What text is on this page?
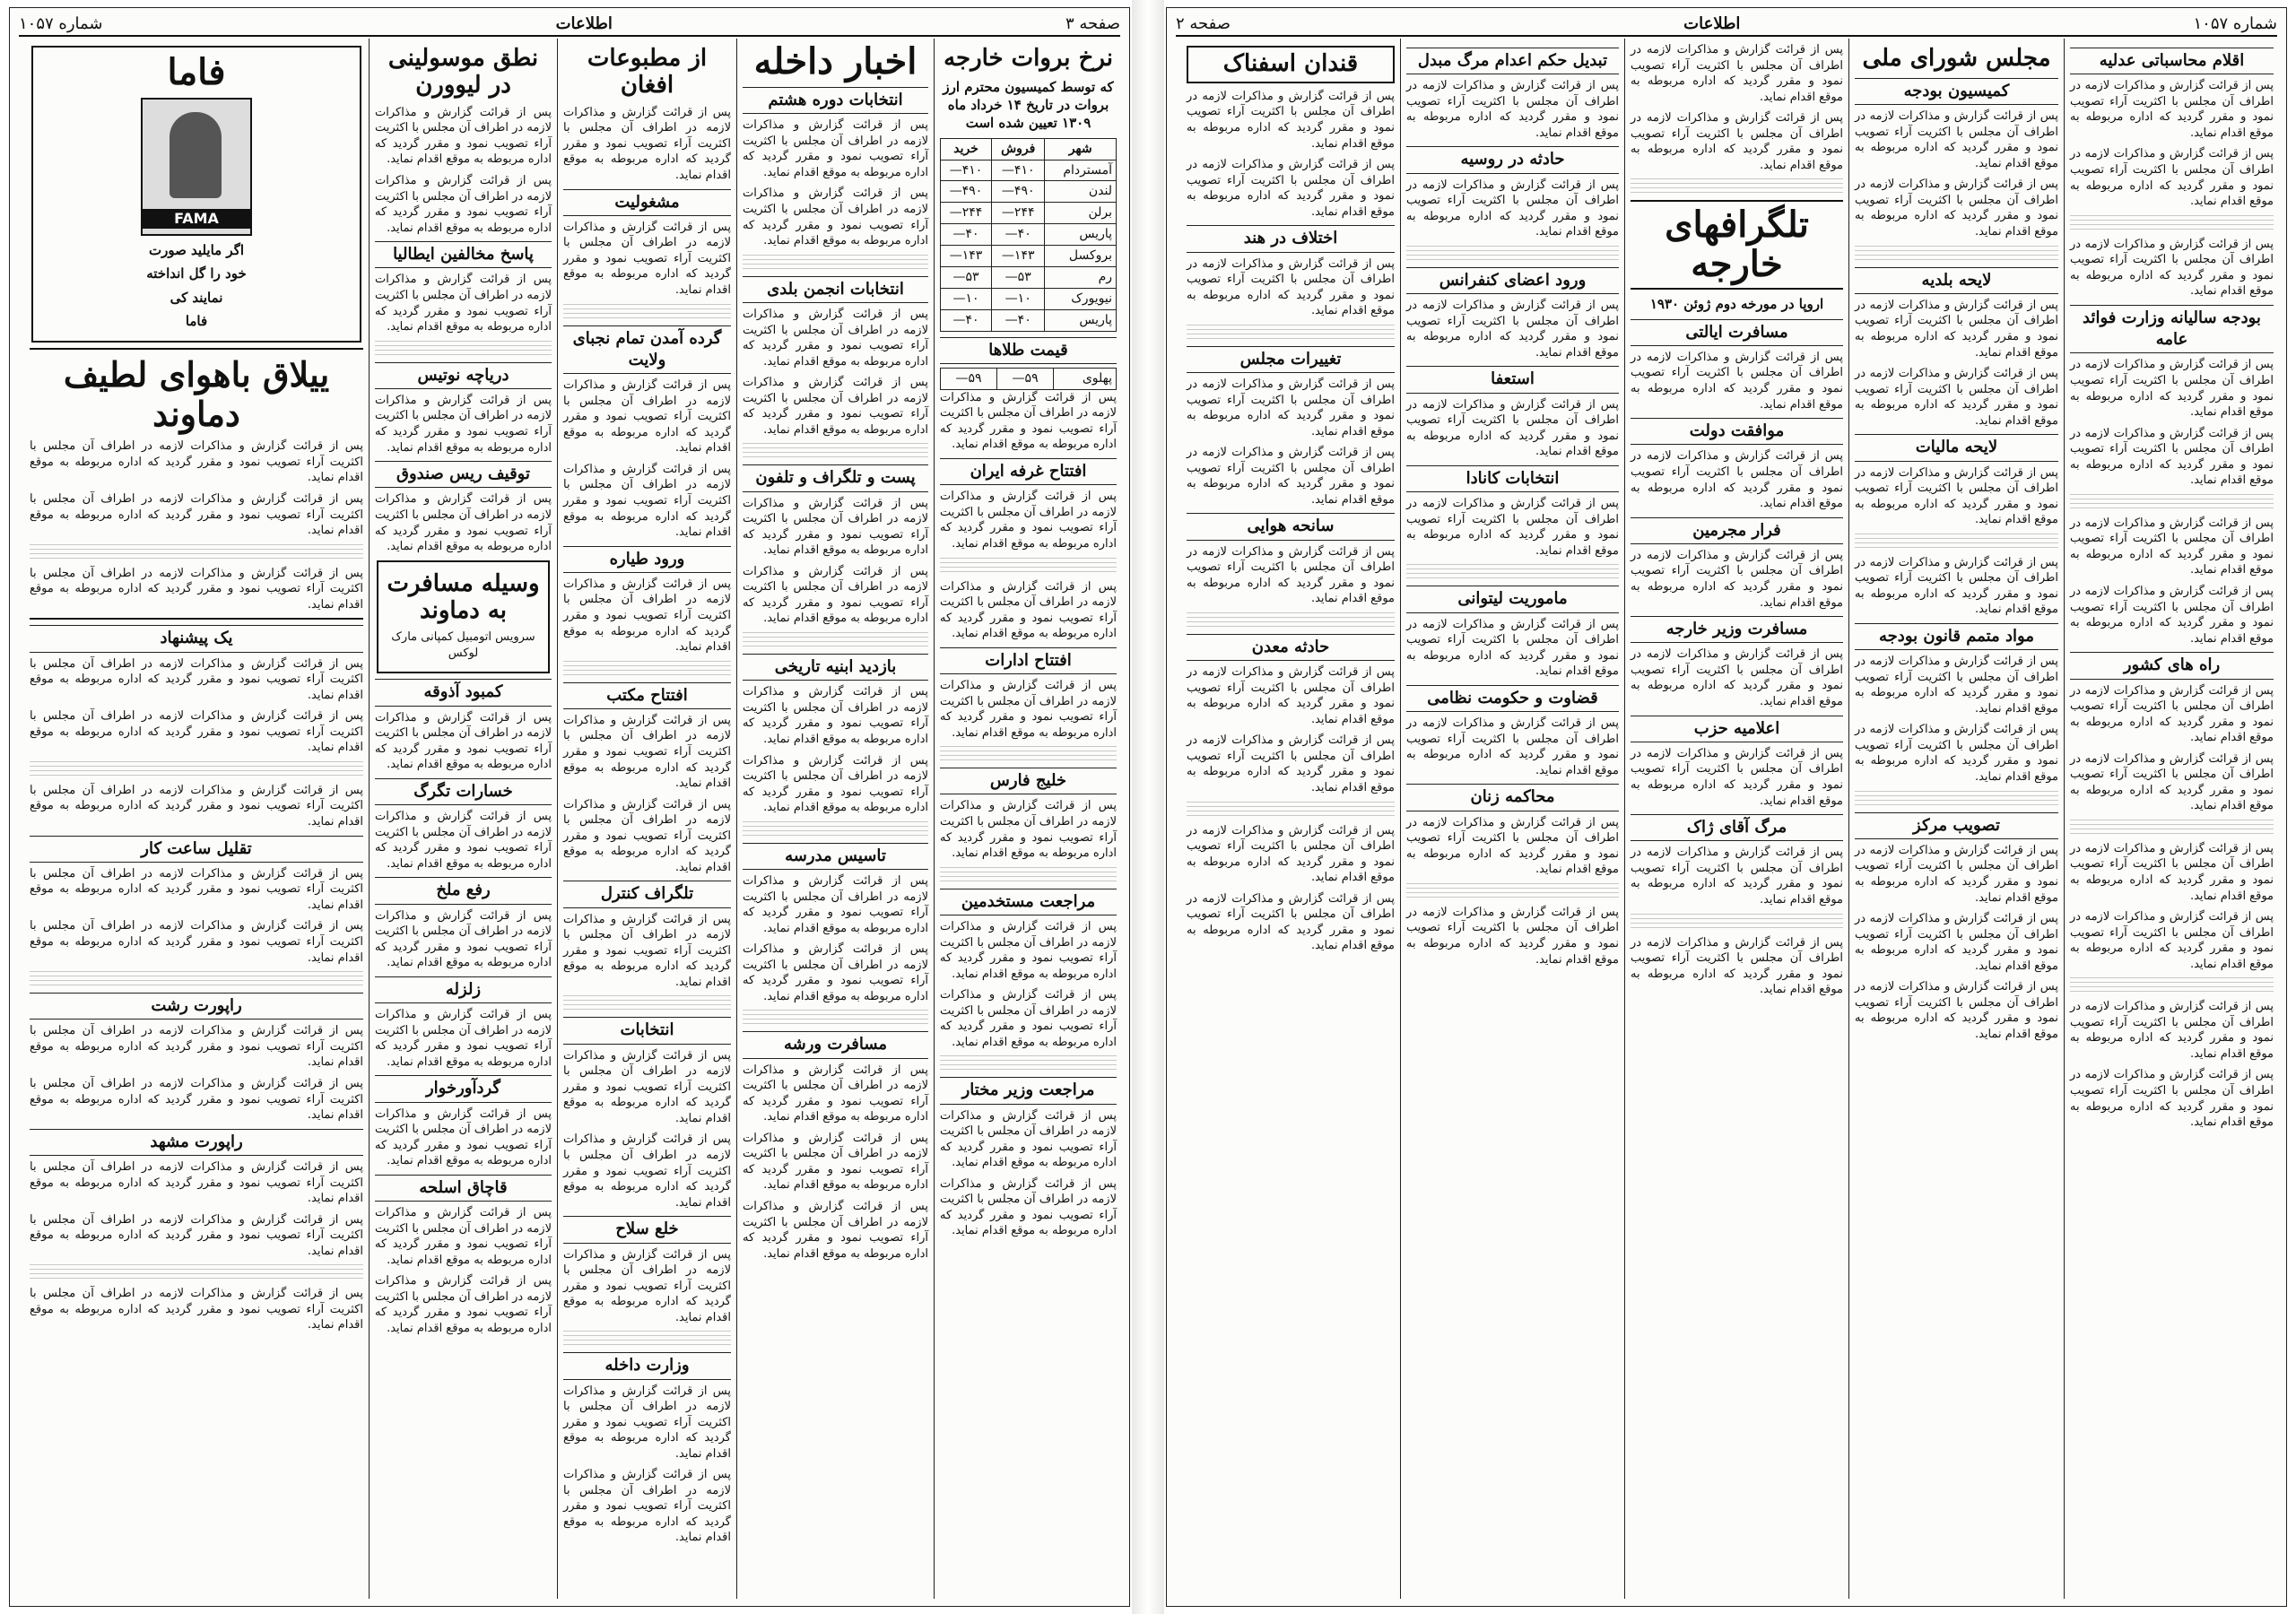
صفحه ۳
اطلاعات
شماره ۱۰۵۷
نرخ بروات خارجه
که توسط کمیسیون محترم ارز بروات در تاریخ ۱۴ خرداد ماه ۱۳۰۹ تعیین شده است
شهر	فروش	خرید
آمستردام	۴۱۰—	۴۱۰—
لندن	۴۹۰—	۴۹۰—
برلن	۲۴۴—	۲۴۴—
پاریس	۴۰—	۴۰—
بروکسل	۱۴۳—	۱۴۳—
رم	۵۳—	۵۳—
نیویورک	۱۰—	۱۰—
پاریس	۴۰—	۴۰—
قیمت طلاها
پهلوی	۵۹—	۵۹—

پس از قرائت گزارش و مذاکرات لازمه در اطراف آن مجلس با اکثریت آراء تصویب نمود و مقرر گردید که اداره مربوطه به موقع اقدام نماید.

افتتاح غرفه ایران

پس از قرائت گزارش و مذاکرات لازمه در اطراف آن مجلس با اکثریت آراء تصویب نمود و مقرر گردید که اداره مربوطه به موقع اقدام نماید.

پس از قرائت گزارش و مذاکرات لازمه در اطراف آن مجلس با اکثریت آراء تصویب نمود و مقرر گردید که اداره مربوطه به موقع اقدام نماید.

افتتاح ادارات

پس از قرائت گزارش و مذاکرات لازمه در اطراف آن مجلس با اکثریت آراء تصویب نمود و مقرر گردید که اداره مربوطه به موقع اقدام نماید.

خلیج فارس

پس از قرائت گزارش و مذاکرات لازمه در اطراف آن مجلس با اکثریت آراء تصویب نمود و مقرر گردید که اداره مربوطه به موقع اقدام نماید.

مراجعت مستخدمین

پس از قرائت گزارش و مذاکرات لازمه در اطراف آن مجلس با اکثریت آراء تصویب نمود و مقرر گردید که اداره مربوطه به موقع اقدام نماید.

پس از قرائت گزارش و مذاکرات لازمه در اطراف آن مجلس با اکثریت آراء تصویب نمود و مقرر گردید که اداره مربوطه به موقع اقدام نماید.

مراجعت وزیر مختار

پس از قرائت گزارش و مذاکرات لازمه در اطراف آن مجلس با اکثریت آراء تصویب نمود و مقرر گردید که اداره مربوطه به موقع اقدام نماید.

پس از قرائت گزارش و مذاکرات لازمه در اطراف آن مجلس با اکثریت آراء تصویب نمود و مقرر گردید که اداره مربوطه به موقع اقدام نماید.

اخبار داخله
انتخابات دوره هشتم

پس از قرائت گزارش و مذاکرات لازمه در اطراف آن مجلس با اکثریت آراء تصویب نمود و مقرر گردید که اداره مربوطه به موقع اقدام نماید.

پس از قرائت گزارش و مذاکرات لازمه در اطراف آن مجلس با اکثریت آراء تصویب نمود و مقرر گردید که اداره مربوطه به موقع اقدام نماید.

انتخابات انجمن بلدی

پس از قرائت گزارش و مذاکرات لازمه در اطراف آن مجلس با اکثریت آراء تصویب نمود و مقرر گردید که اداره مربوطه به موقع اقدام نماید.

پس از قرائت گزارش و مذاکرات لازمه در اطراف آن مجلس با اکثریت آراء تصویب نمود و مقرر گردید که اداره مربوطه به موقع اقدام نماید.

پست و تلگراف و تلفون

پس از قرائت گزارش و مذاکرات لازمه در اطراف آن مجلس با اکثریت آراء تصویب نمود و مقرر گردید که اداره مربوطه به موقع اقدام نماید.

پس از قرائت گزارش و مذاکرات لازمه در اطراف آن مجلس با اکثریت آراء تصویب نمود و مقرر گردید که اداره مربوطه به موقع اقدام نماید.

بازدید ابنیه تاریخی

پس از قرائت گزارش و مذاکرات لازمه در اطراف آن مجلس با اکثریت آراء تصویب نمود و مقرر گردید که اداره مربوطه به موقع اقدام نماید.

پس از قرائت گزارش و مذاکرات لازمه در اطراف آن مجلس با اکثریت آراء تصویب نمود و مقرر گردید که اداره مربوطه به موقع اقدام نماید.

تاسیس مدرسه

پس از قرائت گزارش و مذاکرات لازمه در اطراف آن مجلس با اکثریت آراء تصویب نمود و مقرر گردید که اداره مربوطه به موقع اقدام نماید.

پس از قرائت گزارش و مذاکرات لازمه در اطراف آن مجلس با اکثریت آراء تصویب نمود و مقرر گردید که اداره مربوطه به موقع اقدام نماید.

مسافرت ورشه

پس از قرائت گزارش و مذاکرات لازمه در اطراف آن مجلس با اکثریت آراء تصویب نمود و مقرر گردید که اداره مربوطه به موقع اقدام نماید.

پس از قرائت گزارش و مذاکرات لازمه در اطراف آن مجلس با اکثریت آراء تصویب نمود و مقرر گردید که اداره مربوطه به موقع اقدام نماید.

پس از قرائت گزارش و مذاکرات لازمه در اطراف آن مجلس با اکثریت آراء تصویب نمود و مقرر گردید که اداره مربوطه به موقع اقدام نماید.

از مطبوعات افغان

پس از قرائت گزارش و مذاکرات لازمه در اطراف آن مجلس با اکثریت آراء تصویب نمود و مقرر گردید که اداره مربوطه به موقع اقدام نماید.

مشغولیت

پس از قرائت گزارش و مذاکرات لازمه در اطراف آن مجلس با اکثریت آراء تصویب نمود و مقرر گردید که اداره مربوطه به موقع اقدام نماید.

گرده آمدن تمام نجبای ولایت

پس از قرائت گزارش و مذاکرات لازمه در اطراف آن مجلس با اکثریت آراء تصویب نمود و مقرر گردید که اداره مربوطه به موقع اقدام نماید.

پس از قرائت گزارش و مذاکرات لازمه در اطراف آن مجلس با اکثریت آراء تصویب نمود و مقرر گردید که اداره مربوطه به موقع اقدام نماید.

ورود طیاره

پس از قرائت گزارش و مذاکرات لازمه در اطراف آن مجلس با اکثریت آراء تصویب نمود و مقرر گردید که اداره مربوطه به موقع اقدام نماید.

افتتاح مکتب

پس از قرائت گزارش و مذاکرات لازمه در اطراف آن مجلس با اکثریت آراء تصویب نمود و مقرر گردید که اداره مربوطه به موقع اقدام نماید.

پس از قرائت گزارش و مذاکرات لازمه در اطراف آن مجلس با اکثریت آراء تصویب نمود و مقرر گردید که اداره مربوطه به موقع اقدام نماید.

تلگراف کنترل

پس از قرائت گزارش و مذاکرات لازمه در اطراف آن مجلس با اکثریت آراء تصویب نمود و مقرر گردید که اداره مربوطه به موقع اقدام نماید.

انتخابات

پس از قرائت گزارش و مذاکرات لازمه در اطراف آن مجلس با اکثریت آراء تصویب نمود و مقرر گردید که اداره مربوطه به موقع اقدام نماید.

پس از قرائت گزارش و مذاکرات لازمه در اطراف آن مجلس با اکثریت آراء تصویب نمود و مقرر گردید که اداره مربوطه به موقع اقدام نماید.

خلع سلاح

پس از قرائت گزارش و مذاکرات لازمه در اطراف آن مجلس با اکثریت آراء تصویب نمود و مقرر گردید که اداره مربوطه به موقع اقدام نماید.

وزارت داخله

پس از قرائت گزارش و مذاکرات لازمه در اطراف آن مجلس با اکثریت آراء تصویب نمود و مقرر گردید که اداره مربوطه به موقع اقدام نماید.

پس از قرائت گزارش و مذاکرات لازمه در اطراف آن مجلس با اکثریت آراء تصویب نمود و مقرر گردید که اداره مربوطه به موقع اقدام نماید.

نطق موسولینی در لیوورن

پس از قرائت گزارش و مذاکرات لازمه در اطراف آن مجلس با اکثریت آراء تصویب نمود و مقرر گردید که اداره مربوطه به موقع اقدام نماید.

پس از قرائت گزارش و مذاکرات لازمه در اطراف آن مجلس با اکثریت آراء تصویب نمود و مقرر گردید که اداره مربوطه به موقع اقدام نماید.

پاسخ مخالفین ایطالیا

پس از قرائت گزارش و مذاکرات لازمه در اطراف آن مجلس با اکثریت آراء تصویب نمود و مقرر گردید که اداره مربوطه به موقع اقدام نماید.

دریاچه نوتیس

پس از قرائت گزارش و مذاکرات لازمه در اطراف آن مجلس با اکثریت آراء تصویب نمود و مقرر گردید که اداره مربوطه به موقع اقدام نماید.

توقیف ریس صندوق

پس از قرائت گزارش و مذاکرات لازمه در اطراف آن مجلس با اکثریت آراء تصویب نمود و مقرر گردید که اداره مربوطه به موقع اقدام نماید.

وسیله مسافرت به دماوند

سرویس اتومبیل کمپانی مارک لوکس

کمبود آذوقه

پس از قرائت گزارش و مذاکرات لازمه در اطراف آن مجلس با اکثریت آراء تصویب نمود و مقرر گردید که اداره مربوطه به موقع اقدام نماید.

خسارات تگرگ

پس از قرائت گزارش و مذاکرات لازمه در اطراف آن مجلس با اکثریت آراء تصویب نمود و مقرر گردید که اداره مربوطه به موقع اقدام نماید.

رفع ملخ

پس از قرائت گزارش و مذاکرات لازمه در اطراف آن مجلس با اکثریت آراء تصویب نمود و مقرر گردید که اداره مربوطه به موقع اقدام نماید.

زلزله

پس از قرائت گزارش و مذاکرات لازمه در اطراف آن مجلس با اکثریت آراء تصویب نمود و مقرر گردید که اداره مربوطه به موقع اقدام نماید.

گردآورخوار

پس از قرائت گزارش و مذاکرات لازمه در اطراف آن مجلس با اکثریت آراء تصویب نمود و مقرر گردید که اداره مربوطه به موقع اقدام نماید.

قاچاق اسلحه

پس از قرائت گزارش و مذاکرات لازمه در اطراف آن مجلس با اکثریت آراء تصویب نمود و مقرر گردید که اداره مربوطه به موقع اقدام نماید.

پس از قرائت گزارش و مذاکرات لازمه در اطراف آن مجلس با اکثریت آراء تصویب نمود و مقرر گردید که اداره مربوطه به موقع اقدام نماید.

فاما
FAMA
اگر مایلید صورت
خود را گل انداخته
نمایند کی
فاما
ییلاق باهوای لطیف دماوند

پس از قرائت گزارش و مذاکرات لازمه در اطراف آن مجلس با اکثریت آراء تصویب نمود و مقرر گردید که اداره مربوطه به موقع اقدام نماید.

پس از قرائت گزارش و مذاکرات لازمه در اطراف آن مجلس با اکثریت آراء تصویب نمود و مقرر گردید که اداره مربوطه به موقع اقدام نماید.

پس از قرائت گزارش و مذاکرات لازمه در اطراف آن مجلس با اکثریت آراء تصویب نمود و مقرر گردید که اداره مربوطه به موقع اقدام نماید.

یک پیشنهاد

پس از قرائت گزارش و مذاکرات لازمه در اطراف آن مجلس با اکثریت آراء تصویب نمود و مقرر گردید که اداره مربوطه به موقع اقدام نماید.

پس از قرائت گزارش و مذاکرات لازمه در اطراف آن مجلس با اکثریت آراء تصویب نمود و مقرر گردید که اداره مربوطه به موقع اقدام نماید.

پس از قرائت گزارش و مذاکرات لازمه در اطراف آن مجلس با اکثریت آراء تصویب نمود و مقرر گردید که اداره مربوطه به موقع اقدام نماید.

تقلیل ساعت کار

پس از قرائت گزارش و مذاکرات لازمه در اطراف آن مجلس با اکثریت آراء تصویب نمود و مقرر گردید که اداره مربوطه به موقع اقدام نماید.

پس از قرائت گزارش و مذاکرات لازمه در اطراف آن مجلس با اکثریت آراء تصویب نمود و مقرر گردید که اداره مربوطه به موقع اقدام نماید.

راپورت رشت

پس از قرائت گزارش و مذاکرات لازمه در اطراف آن مجلس با اکثریت آراء تصویب نمود و مقرر گردید که اداره مربوطه به موقع اقدام نماید.

پس از قرائت گزارش و مذاکرات لازمه در اطراف آن مجلس با اکثریت آراء تصویب نمود و مقرر گردید که اداره مربوطه به موقع اقدام نماید.

راپورت مشهد

پس از قرائت گزارش و مذاکرات لازمه در اطراف آن مجلس با اکثریت آراء تصویب نمود و مقرر گردید که اداره مربوطه به موقع اقدام نماید.

پس از قرائت گزارش و مذاکرات لازمه در اطراف آن مجلس با اکثریت آراء تصویب نمود و مقرر گردید که اداره مربوطه به موقع اقدام نماید.

پس از قرائت گزارش و مذاکرات لازمه در اطراف آن مجلس با اکثریت آراء تصویب نمود و مقرر گردید که اداره مربوطه به موقع اقدام نماید.

شماره ۱۰۵۷
اطلاعات
صفحه ۲
اقلام محاسباتی عدلیه

پس از قرائت گزارش و مذاکرات لازمه در اطراف آن مجلس با اکثریت آراء تصویب نمود و مقرر گردید که اداره مربوطه به موقع اقدام نماید.

پس از قرائت گزارش و مذاکرات لازمه در اطراف آن مجلس با اکثریت آراء تصویب نمود و مقرر گردید که اداره مربوطه به موقع اقدام نماید.

پس از قرائت گزارش و مذاکرات لازمه در اطراف آن مجلس با اکثریت آراء تصویب نمود و مقرر گردید که اداره مربوطه به موقع اقدام نماید.

بودجه سالیانه وزارت فوائد عامه

پس از قرائت گزارش و مذاکرات لازمه در اطراف آن مجلس با اکثریت آراء تصویب نمود و مقرر گردید که اداره مربوطه به موقع اقدام نماید.

پس از قرائت گزارش و مذاکرات لازمه در اطراف آن مجلس با اکثریت آراء تصویب نمود و مقرر گردید که اداره مربوطه به موقع اقدام نماید.

پس از قرائت گزارش و مذاکرات لازمه در اطراف آن مجلس با اکثریت آراء تصویب نمود و مقرر گردید که اداره مربوطه به موقع اقدام نماید.

پس از قرائت گزارش و مذاکرات لازمه در اطراف آن مجلس با اکثریت آراء تصویب نمود و مقرر گردید که اداره مربوطه به موقع اقدام نماید.

راه های کشور

پس از قرائت گزارش و مذاکرات لازمه در اطراف آن مجلس با اکثریت آراء تصویب نمود و مقرر گردید که اداره مربوطه به موقع اقدام نماید.

پس از قرائت گزارش و مذاکرات لازمه در اطراف آن مجلس با اکثریت آراء تصویب نمود و مقرر گردید که اداره مربوطه به موقع اقدام نماید.

پس از قرائت گزارش و مذاکرات لازمه در اطراف آن مجلس با اکثریت آراء تصویب نمود و مقرر گردید که اداره مربوطه به موقع اقدام نماید.

پس از قرائت گزارش و مذاکرات لازمه در اطراف آن مجلس با اکثریت آراء تصویب نمود و مقرر گردید که اداره مربوطه به موقع اقدام نماید.

پس از قرائت گزارش و مذاکرات لازمه در اطراف آن مجلس با اکثریت آراء تصویب نمود و مقرر گردید که اداره مربوطه به موقع اقدام نماید.

پس از قرائت گزارش و مذاکرات لازمه در اطراف آن مجلس با اکثریت آراء تصویب نمود و مقرر گردید که اداره مربوطه به موقع اقدام نماید.

مجلس شورای ملی
کمیسیون بودجه

پس از قرائت گزارش و مذاکرات لازمه در اطراف آن مجلس با اکثریت آراء تصویب نمود و مقرر گردید که اداره مربوطه به موقع اقدام نماید.

پس از قرائت گزارش و مذاکرات لازمه در اطراف آن مجلس با اکثریت آراء تصویب نمود و مقرر گردید که اداره مربوطه به موقع اقدام نماید.

لایحه بلدیه

پس از قرائت گزارش و مذاکرات لازمه در اطراف آن مجلس با اکثریت آراء تصویب نمود و مقرر گردید که اداره مربوطه به موقع اقدام نماید.

پس از قرائت گزارش و مذاکرات لازمه در اطراف آن مجلس با اکثریت آراء تصویب نمود و مقرر گردید که اداره مربوطه به موقع اقدام نماید.

لایحه مالیات

پس از قرائت گزارش و مذاکرات لازمه در اطراف آن مجلس با اکثریت آراء تصویب نمود و مقرر گردید که اداره مربوطه به موقع اقدام نماید.

پس از قرائت گزارش و مذاکرات لازمه در اطراف آن مجلس با اکثریت آراء تصویب نمود و مقرر گردید که اداره مربوطه به موقع اقدام نماید.

مواد متمم قانون بودجه

پس از قرائت گزارش و مذاکرات لازمه در اطراف آن مجلس با اکثریت آراء تصویب نمود و مقرر گردید که اداره مربوطه به موقع اقدام نماید.

پس از قرائت گزارش و مذاکرات لازمه در اطراف آن مجلس با اکثریت آراء تصویب نمود و مقرر گردید که اداره مربوطه به موقع اقدام نماید.

تصویب مرکز

پس از قرائت گزارش و مذاکرات لازمه در اطراف آن مجلس با اکثریت آراء تصویب نمود و مقرر گردید که اداره مربوطه به موقع اقدام نماید.

پس از قرائت گزارش و مذاکرات لازمه در اطراف آن مجلس با اکثریت آراء تصویب نمود و مقرر گردید که اداره مربوطه به موقع اقدام نماید.

پس از قرائت گزارش و مذاکرات لازمه در اطراف آن مجلس با اکثریت آراء تصویب نمود و مقرر گردید که اداره مربوطه به موقع اقدام نماید.

پس از قرائت گزارش و مذاکرات لازمه در اطراف آن مجلس با اکثریت آراء تصویب نمود و مقرر گردید که اداره مربوطه به موقع اقدام نماید.

پس از قرائت گزارش و مذاکرات لازمه در اطراف آن مجلس با اکثریت آراء تصویب نمود و مقرر گردید که اداره مربوطه به موقع اقدام نماید.

تلگرافهای خارجه
اروپا در مورخه دوم ژوئن ۱۹۳۰
مسافرت ایالتی

پس از قرائت گزارش و مذاکرات لازمه در اطراف آن مجلس با اکثریت آراء تصویب نمود و مقرر گردید که اداره مربوطه به موقع اقدام نماید.

موافقت دولت

پس از قرائت گزارش و مذاکرات لازمه در اطراف آن مجلس با اکثریت آراء تصویب نمود و مقرر گردید که اداره مربوطه به موقع اقدام نماید.

فرار مجرمین

پس از قرائت گزارش و مذاکرات لازمه در اطراف آن مجلس با اکثریت آراء تصویب نمود و مقرر گردید که اداره مربوطه به موقع اقدام نماید.

مسافرت وزیر خارجه

پس از قرائت گزارش و مذاکرات لازمه در اطراف آن مجلس با اکثریت آراء تصویب نمود و مقرر گردید که اداره مربوطه به موقع اقدام نماید.

اعلامیه حزب

پس از قرائت گزارش و مذاکرات لازمه در اطراف آن مجلس با اکثریت آراء تصویب نمود و مقرر گردید که اداره مربوطه به موقع اقدام نماید.

مرگ آقای ژاک

پس از قرائت گزارش و مذاکرات لازمه در اطراف آن مجلس با اکثریت آراء تصویب نمود و مقرر گردید که اداره مربوطه به موقع اقدام نماید.

پس از قرائت گزارش و مذاکرات لازمه در اطراف آن مجلس با اکثریت آراء تصویب نمود و مقرر گردید که اداره مربوطه به موقع اقدام نماید.

تبدیل حکم اعدام مرگ مبدل

پس از قرائت گزارش و مذاکرات لازمه در اطراف آن مجلس با اکثریت آراء تصویب نمود و مقرر گردید که اداره مربوطه به موقع اقدام نماید.

حادثه در روسیه

پس از قرائت گزارش و مذاکرات لازمه در اطراف آن مجلس با اکثریت آراء تصویب نمود و مقرر گردید که اداره مربوطه به موقع اقدام نماید.

ورود اعضای کنفرانس

پس از قرائت گزارش و مذاکرات لازمه در اطراف آن مجلس با اکثریت آراء تصویب نمود و مقرر گردید که اداره مربوطه به موقع اقدام نماید.

استعفا

پس از قرائت گزارش و مذاکرات لازمه در اطراف آن مجلس با اکثریت آراء تصویب نمود و مقرر گردید که اداره مربوطه به موقع اقدام نماید.

انتخابات کانادا

پس از قرائت گزارش و مذاکرات لازمه در اطراف آن مجلس با اکثریت آراء تصویب نمود و مقرر گردید که اداره مربوطه به موقع اقدام نماید.

ماموریت لیتوانی

پس از قرائت گزارش و مذاکرات لازمه در اطراف آن مجلس با اکثریت آراء تصویب نمود و مقرر گردید که اداره مربوطه به موقع اقدام نماید.

قضاوت و حکومت نظامی

پس از قرائت گزارش و مذاکرات لازمه در اطراف آن مجلس با اکثریت آراء تصویب نمود و مقرر گردید که اداره مربوطه به موقع اقدام نماید.

محاکمه زنان

پس از قرائت گزارش و مذاکرات لازمه در اطراف آن مجلس با اکثریت آراء تصویب نمود و مقرر گردید که اداره مربوطه به موقع اقدام نماید.

پس از قرائت گزارش و مذاکرات لازمه در اطراف آن مجلس با اکثریت آراء تصویب نمود و مقرر گردید که اداره مربوطه به موقع اقدام نماید.

قندان اسفناک

پس از قرائت گزارش و مذاکرات لازمه در اطراف آن مجلس با اکثریت آراء تصویب نمود و مقرر گردید که اداره مربوطه به موقع اقدام نماید.

پس از قرائت گزارش و مذاکرات لازمه در اطراف آن مجلس با اکثریت آراء تصویب نمود و مقرر گردید که اداره مربوطه به موقع اقدام نماید.

اختلاف در هند

پس از قرائت گزارش و مذاکرات لازمه در اطراف آن مجلس با اکثریت آراء تصویب نمود و مقرر گردید که اداره مربوطه به موقع اقدام نماید.

تغییرات مجلس

پس از قرائت گزارش و مذاکرات لازمه در اطراف آن مجلس با اکثریت آراء تصویب نمود و مقرر گردید که اداره مربوطه به موقع اقدام نماید.

پس از قرائت گزارش و مذاکرات لازمه در اطراف آن مجلس با اکثریت آراء تصویب نمود و مقرر گردید که اداره مربوطه به موقع اقدام نماید.

سانحه هوایی

پس از قرائت گزارش و مذاکرات لازمه در اطراف آن مجلس با اکثریت آراء تصویب نمود و مقرر گردید که اداره مربوطه به موقع اقدام نماید.

حادثه معدن

پس از قرائت گزارش و مذاکرات لازمه در اطراف آن مجلس با اکثریت آراء تصویب نمود و مقرر گردید که اداره مربوطه به موقع اقدام نماید.

پس از قرائت گزارش و مذاکرات لازمه در اطراف آن مجلس با اکثریت آراء تصویب نمود و مقرر گردید که اداره مربوطه به موقع اقدام نماید.

پس از قرائت گزارش و مذاکرات لازمه در اطراف آن مجلس با اکثریت آراء تصویب نمود و مقرر گردید که اداره مربوطه به موقع اقدام نماید.

پس از قرائت گزارش و مذاکرات لازمه در اطراف آن مجلس با اکثریت آراء تصویب نمود و مقرر گردید که اداره مربوطه به موقع اقدام نماید.
